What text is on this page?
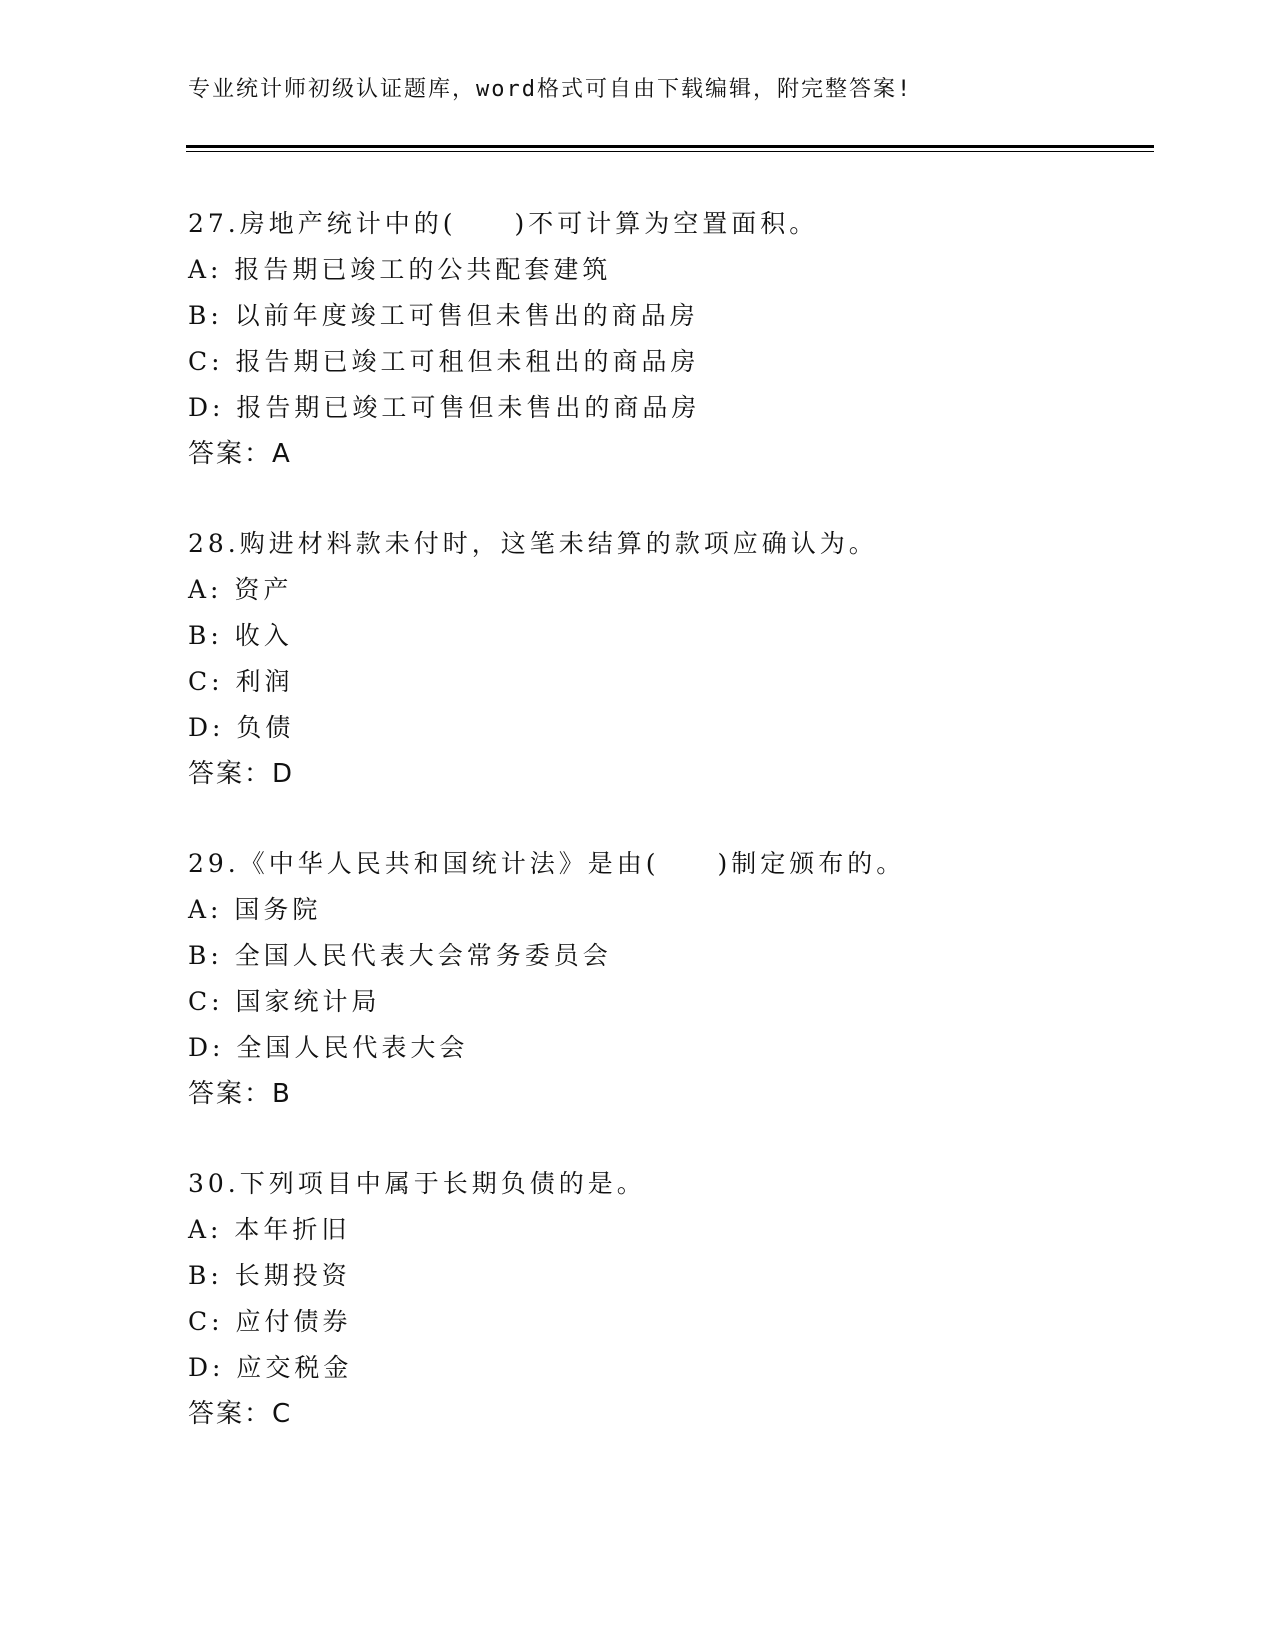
专业统计师初级认证题库，word格式可自由下载编辑，附完整答案!
27.房地产统计中的(　　)不可计算为空置面积。
A: 报告期已竣工的公共配套建筑
B: 以前年度竣工可售但未售出的商品房
C: 报告期已竣工可租但未租出的商品房
D: 报告期已竣工可售但未售出的商品房
答案：A
28.购进材料款未付时，这笔未结算的款项应确认为。
A: 资产
B: 收入
C: 利润
D: 负债
答案：D
29.《中华人民共和国统计法》是由(　　)制定颁布的。
A: 国务院
B: 全国人民代表大会常务委员会
C: 国家统计局
D: 全国人民代表大会
答案：B
30.下列项目中属于长期负债的是。
A: 本年折旧
B: 长期投资
C: 应付债券
D: 应交税金
答案：C
